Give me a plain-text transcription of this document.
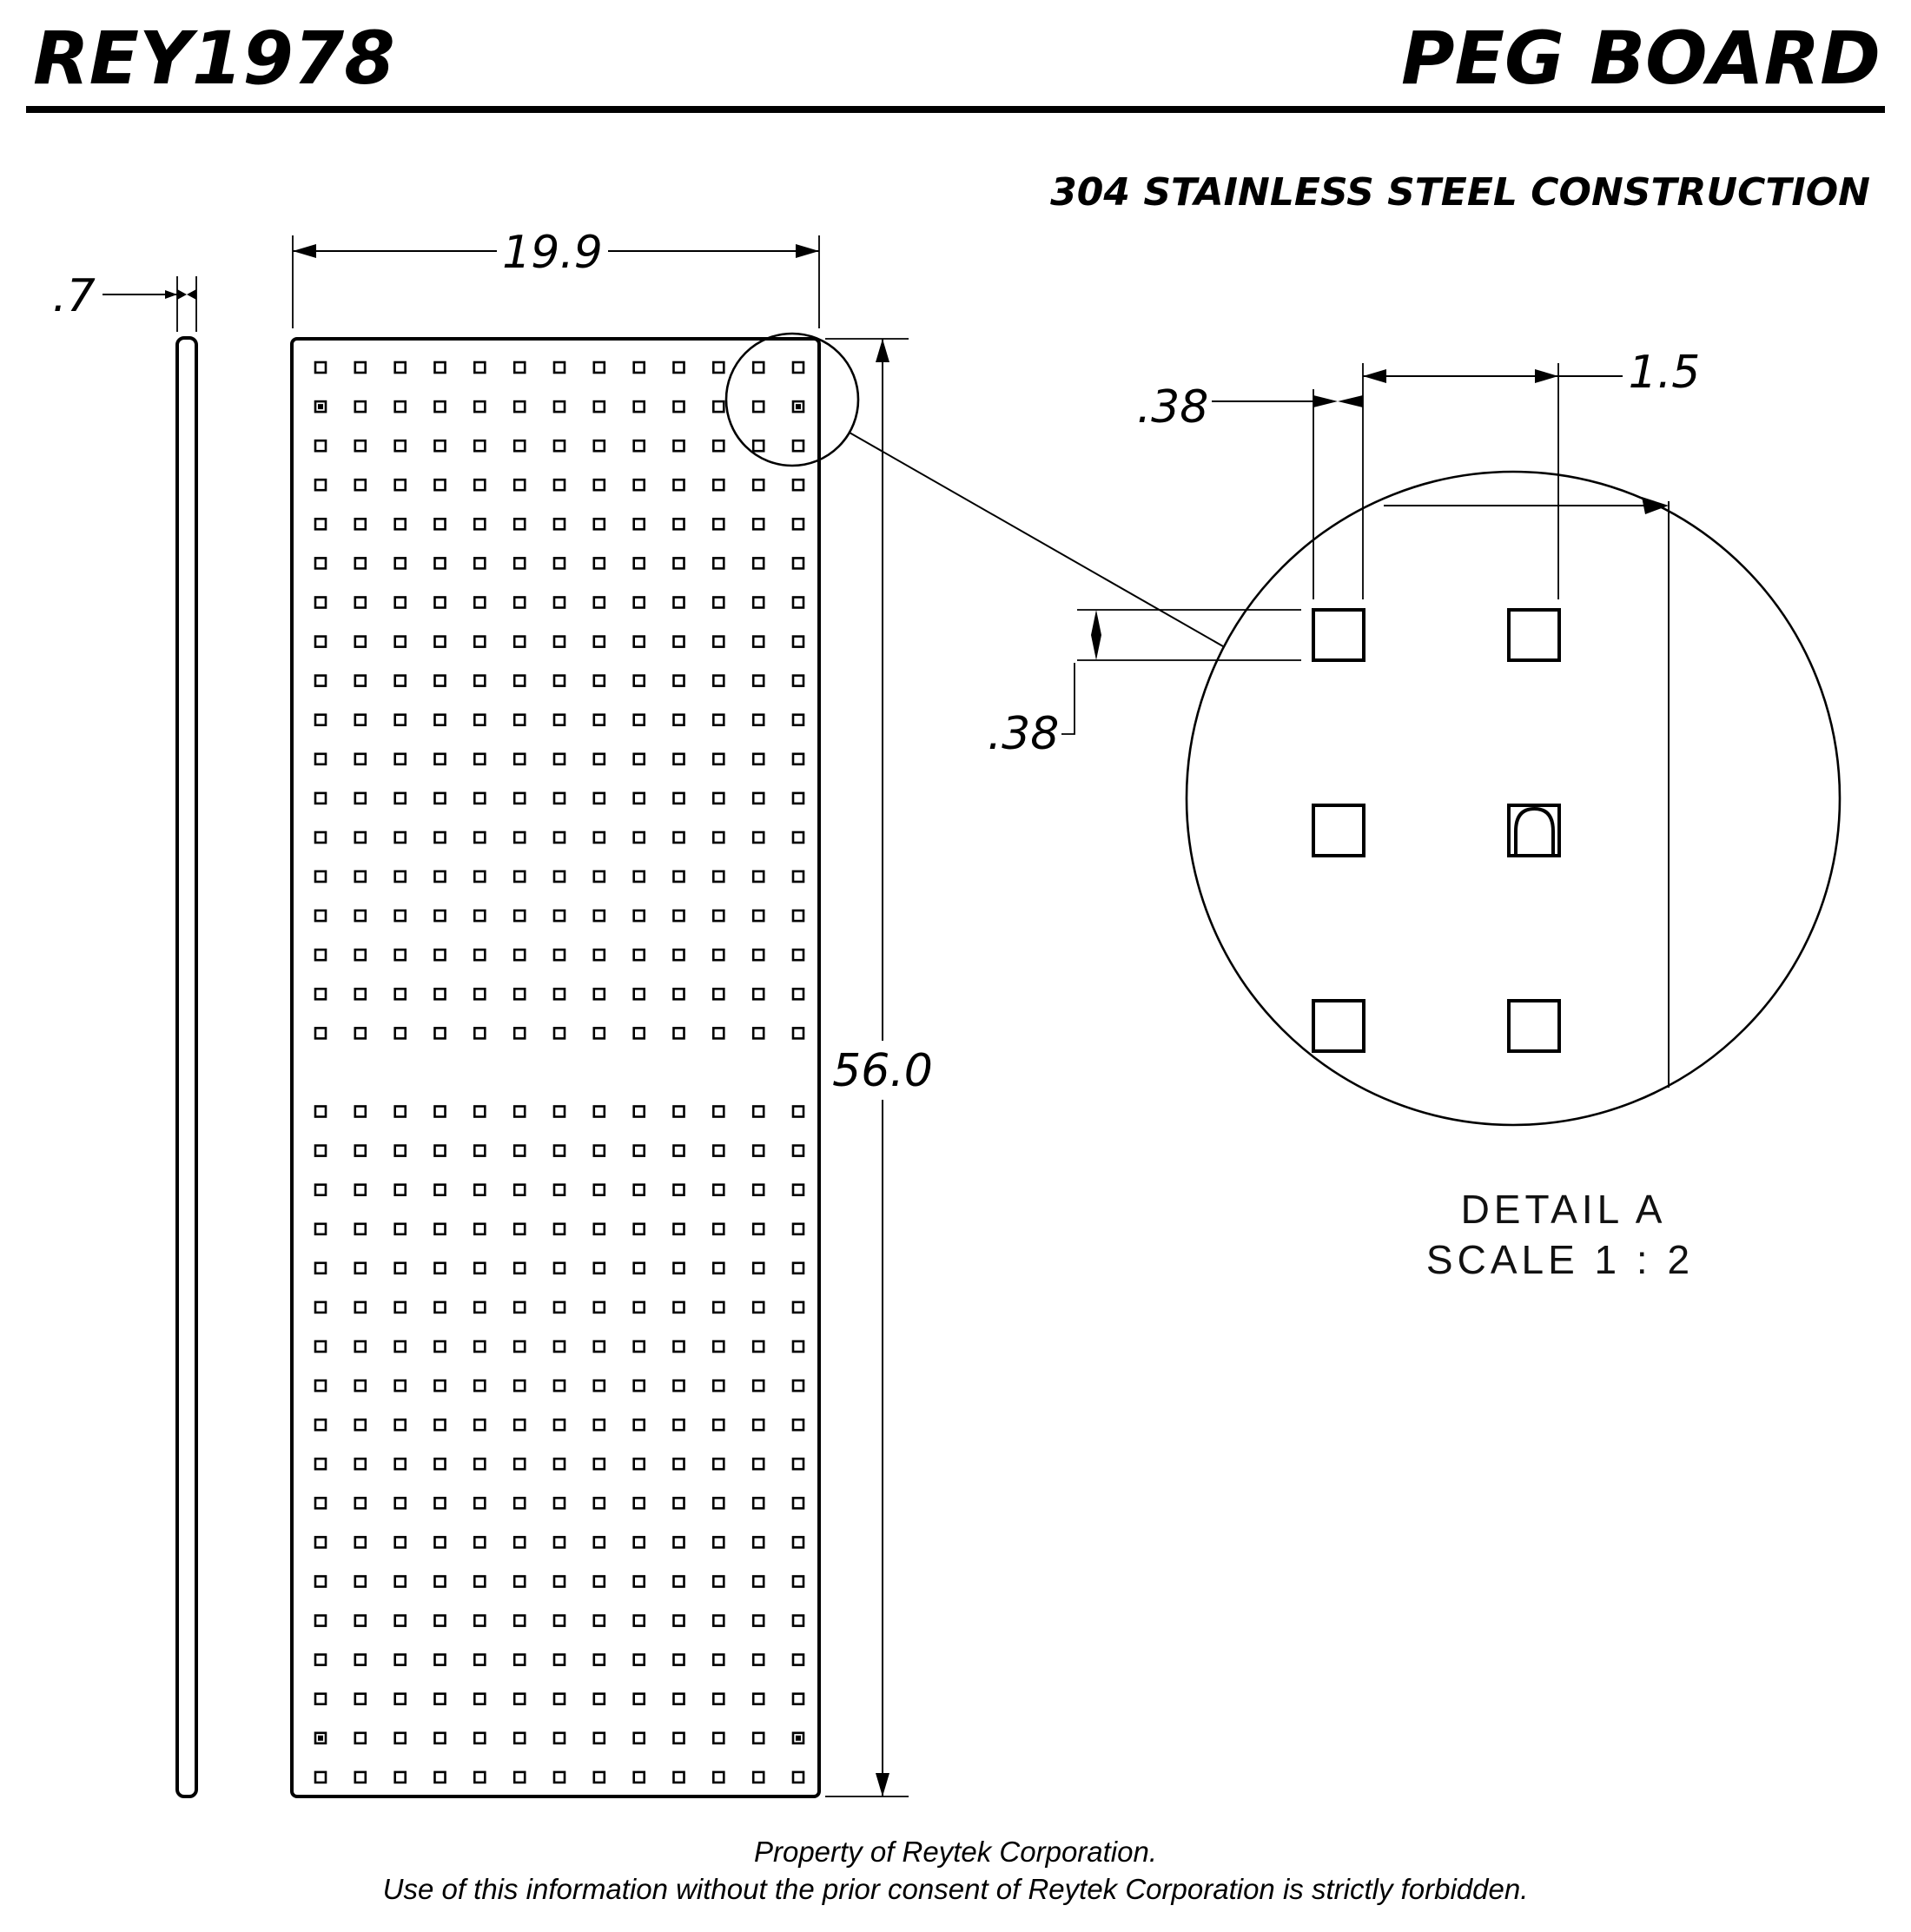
REY1978	PEG BOARD
304 STAINLESS STEEL CONSTRUCTION
.7
19.9
56.0
.38
1.5
.38
DETAIL A
SCALE 1 : 2
Property of Reytek Corporation.
Use of this information without the prior consent of Reytek Corporation is strictly forbidden.
